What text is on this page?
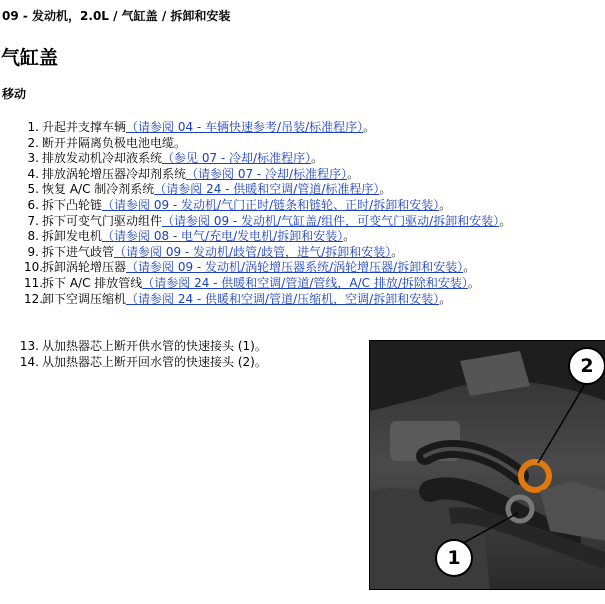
09 - 发动机，2.0L / 气缸盖 / 拆卸和安装
气缸盖
移动
1. 升起并支撑车辆（请参阅 04 - 车辆快速参考/吊装/标准程序）。
2. 断开并隔离负极电池电缆。
3. 排放发动机冷却液系统（参见 07 - 冷却/标准程序）。
4. 排放涡轮增压器冷却剂系统（请参阅 07 - 冷却/标准程序）。
5. 恢复 A/C 制冷剂系统（请参阅 24 - 供暖和空调/管道/标准程序）。
6. 拆下凸轮链（请参阅 09 - 发动机/气门正时/链条和链轮、正时/拆卸和安装）。
7. 拆下可变气门驱动组件（请参阅 09 - 发动机/气缸盖/组件，可变气门驱动/拆卸和安装）。
8. 拆卸发电机（请参阅 08 - 电气/充电/发电机/拆卸和安装）。
9. 拆下进气歧管（请参阅 09 - 发动机/歧管/歧管，进气/拆卸和安装）。
10.拆卸涡轮增压器（请参阅 09 - 发动机/涡轮增压器系统/涡轮增压器/拆卸和安装）。
11.拆下 A/C 排放管线（请参阅 24 - 供暖和空调/管道/管线，A/C 排放/拆除和安装）。
12.卸下空调压缩机（请参阅 24 - 供暖和空调/管道/压缩机，空调/拆卸和安装）。
13. 从加热器芯上断开供水管的快速接头 (1)。
14. 从加热器芯上断开回水管的快速接头 (2)。	2
1
